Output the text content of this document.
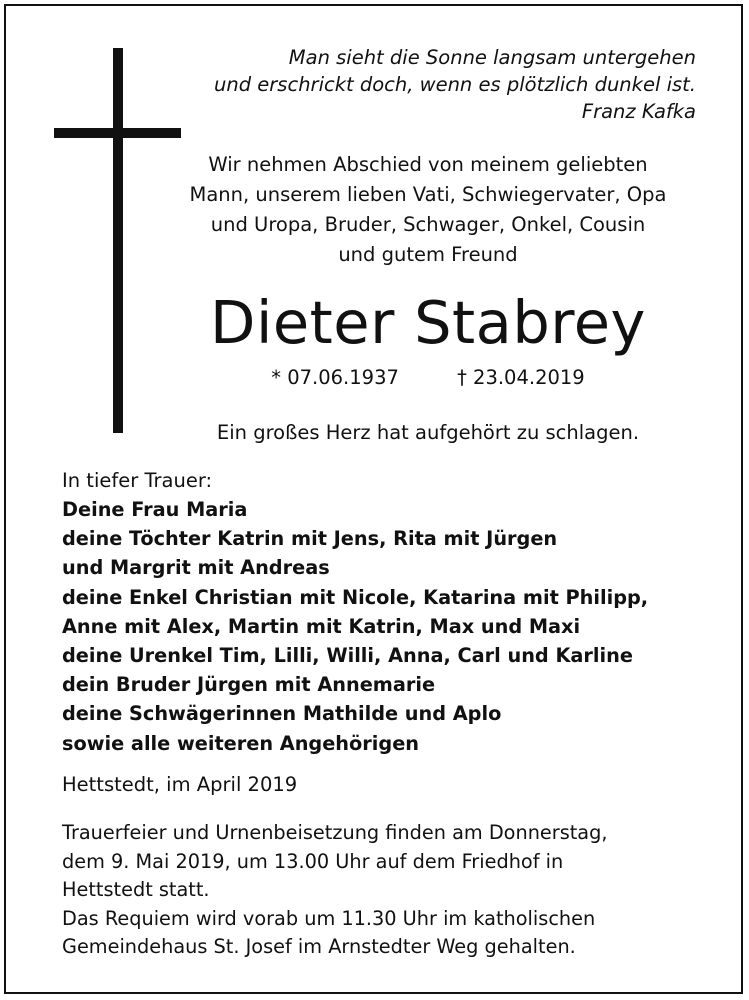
Man sieht die Sonne langsam untergehen
und erschrickt doch, wenn es plötzlich dunkel ist.
Franz Kafka
Wir nehmen Abschied von meinem geliebten
Mann, unserem lieben Vati, Schwiegervater, Opa
und Uropa, Bruder, Schwager, Onkel, Cousin
und gutem Freund
Dieter Stabrey
* 07.06.1937	† 23.04.2019
Ein großes Herz hat aufgehört zu schlagen.
In tiefer Trauer:
Deine Frau Maria
deine Töchter Katrin mit Jens, Rita mit Jürgen
und Margrit mit Andreas
deine Enkel Christian mit Nicole, Katarina mit Philipp,
Anne mit Alex, Martin mit Katrin, Max und Maxi
deine Urenkel Tim, Lilli, Willi, Anna, Carl und Karline
dein Bruder Jürgen mit Annemarie
deine Schwägerinnen Mathilde und Aplo
sowie alle weiteren Angehörigen
Hettstedt, im April 2019
Trauerfeier und Urnenbeisetzung finden am Donnerstag,
dem 9. Mai 2019, um 13.00 Uhr auf dem Friedhof in
Hettstedt statt.
Das Requiem wird vorab um 11.30 Uhr im katholischen
Gemeindehaus St. Josef im Arnstedter Weg gehalten.
